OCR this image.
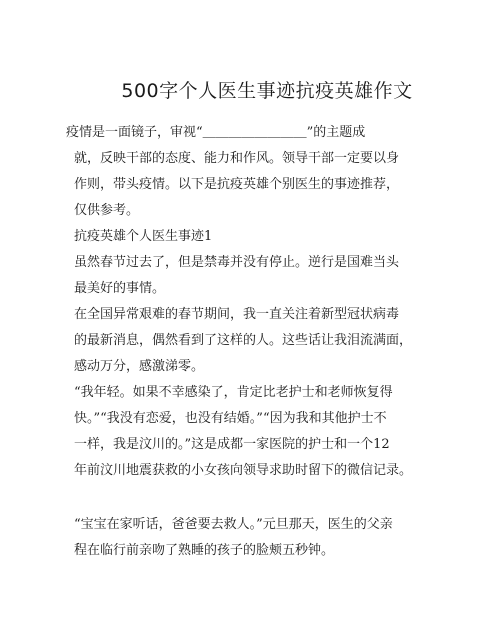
500字个人医生事迹抗疫英雄作文

　　疫情是一面镜子，审视“＿＿＿＿＿＿＿＿”的主题成

就，反映干部的态度、能力和作风。领导干部一定要以身

作则，带头疫情。以下是抗疫英雄个别医生的事迹推荐，

仅供参考。

抗疫英雄个人医生事迹1

虽然春节过去了，但是禁毒并没有停止。逆行是国难当头

最美好的事情。

在全国异常艰难的春节期间，我一直关注着新型冠状病毒

的最新消息，偶然看到了这样的人。这些话让我泪流满面，

感动万分，感激涕零。

“我年轻。如果不幸感染了，肯定比老护士和老师恢复得

快。”“我没有恋爱，也没有结婚。”“因为我和其他护士不

一样，我是汶川的。”这是成都一家医院的护士和一个12

年前汶川地震获救的小女孩向领导求助时留下的微信记录。

“宝宝在家听话，爸爸要去救人。”元旦那天，医生的父亲

程在临行前亲吻了熟睡的孩子的脸颊五秒钟。
